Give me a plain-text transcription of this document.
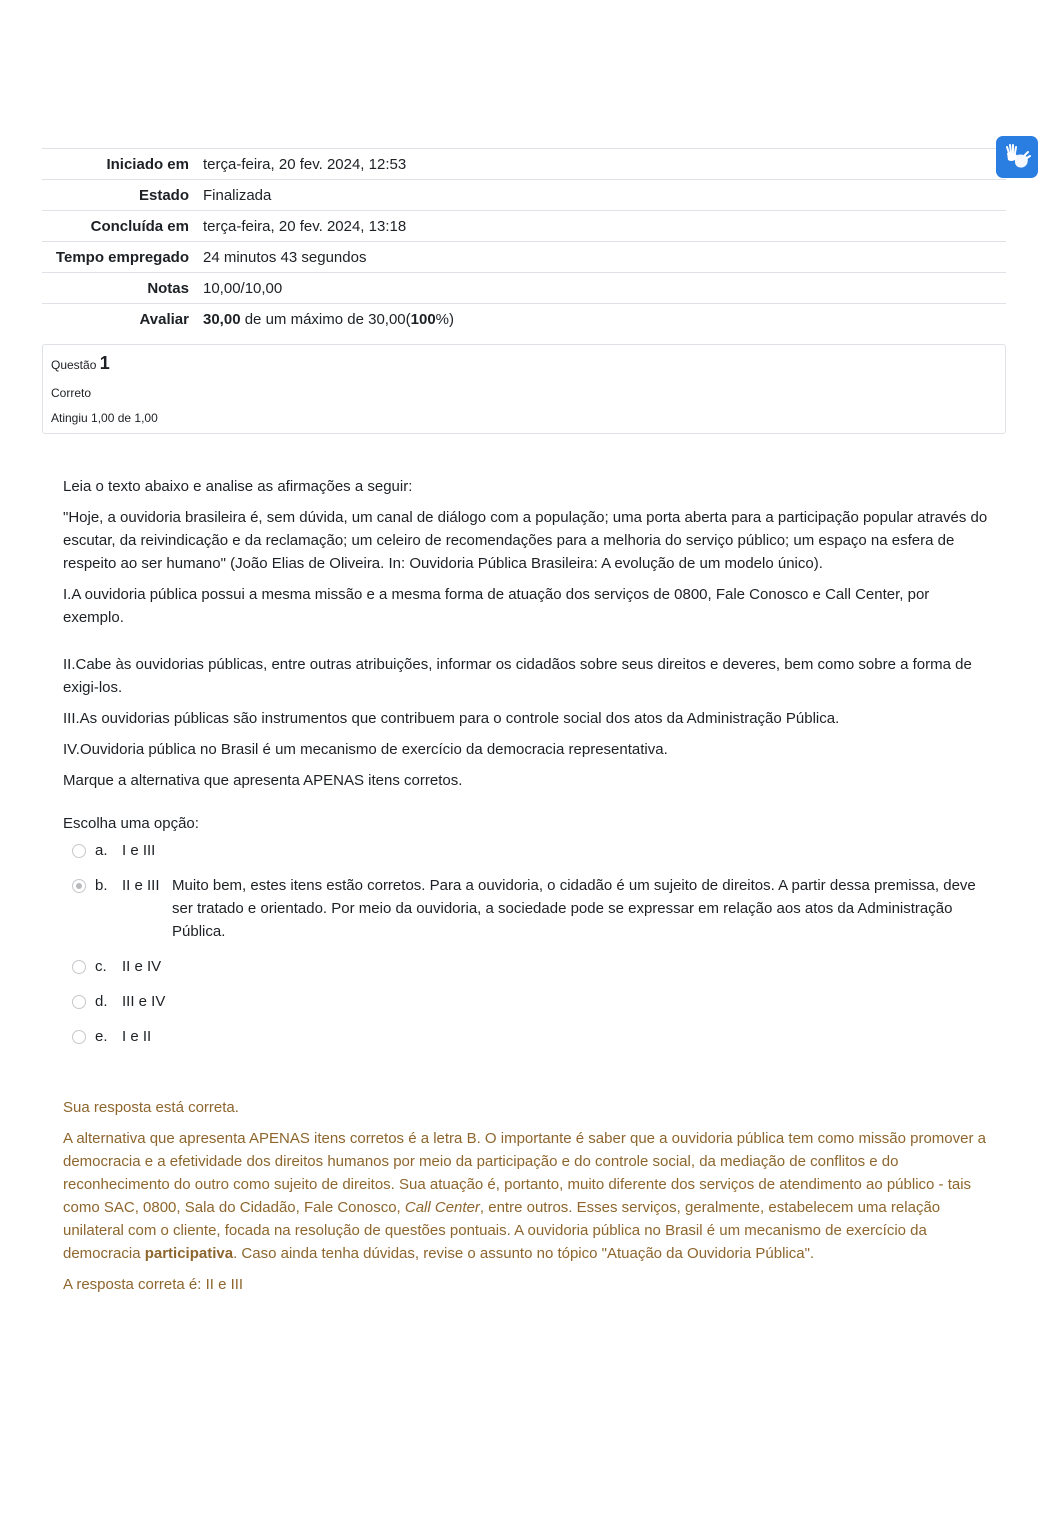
Iniciado em	terça-feira, 20 fev. 2024, 12:53
Estado	Finalizada
Concluída em	terça-feira, 20 fev. 2024, 13:18
Tempo empregado	24 minutos 43 segundos
Notas	10,00/10,00
Avaliar	30,00 de um máximo de 30,00(100%)
Questão 1
Correto
Atingiu 1,00 de 1,00

Leia o texto abaixo e analise as afirmações a seguir:

"Hoje, a ouvidoria brasileira é, sem dúvida, um canal de diálogo com a população; uma porta aberta para a participação popular através do escutar, da reivindicação e da reclamação; um celeiro de recomendações para a melhoria do serviço público; um espaço na esfera de respeito ao ser humano" (João Elias de Oliveira. In: Ouvidoria Pública Brasileira: A evolução de um modelo único).

I.A ouvidoria pública possui a mesma missão e a mesma forma de atuação dos serviços de 0800, Fale Conosco e Call Center, por exemplo.

II.Cabe às ouvidorias públicas, entre outras atribuições, informar os cidadãos sobre seus direitos e deveres, bem como sobre a forma de exigi-los.

III.As ouvidorias públicas são instrumentos que contribuem para o controle social dos atos da Administração Pública.

IV.Ouvidoria pública no Brasil é um mecanismo de exercício da democracia representativa.

Marque a alternativa que apresenta APENAS itens corretos.

Escolha uma opção:

a. I e III
b. II e III Muito bem, estes itens estão corretos. Para a ouvidoria, o cidadão é um sujeito de direitos. A partir dessa premissa, deve ser tratado e orientado. Por meio da ouvidoria, a sociedade pode se expressar em relação aos atos da Administração Pública.
c.	II e IV
d. III e IV
e. I e II

Sua resposta está correta.

A alternativa que apresenta APENAS itens corretos é a letra B. O importante é saber que a ouvidoria pública tem como missão promover a democracia e a efetividade dos direitos humanos por meio da participação e do controle social, da mediação de conflitos e do reconhecimento do outro como sujeito de direitos. Sua atuação é, portanto, muito diferente dos serviços de atendimento ao público - tais como SAC, 0800, Sala do Cidadão, Fale Conosco, Call Center, entre outros. Esses serviços, geralmente, estabelecem uma relação unilateral com o cliente, focada na resolução de questões pontuais. A ouvidoria pública no Brasil é um mecanismo de exercício da democracia participativa. Caso ainda tenha dúvidas, revise o assunto no tópico "Atuação da Ouvidoria Pública".

A resposta correta é: II e III
